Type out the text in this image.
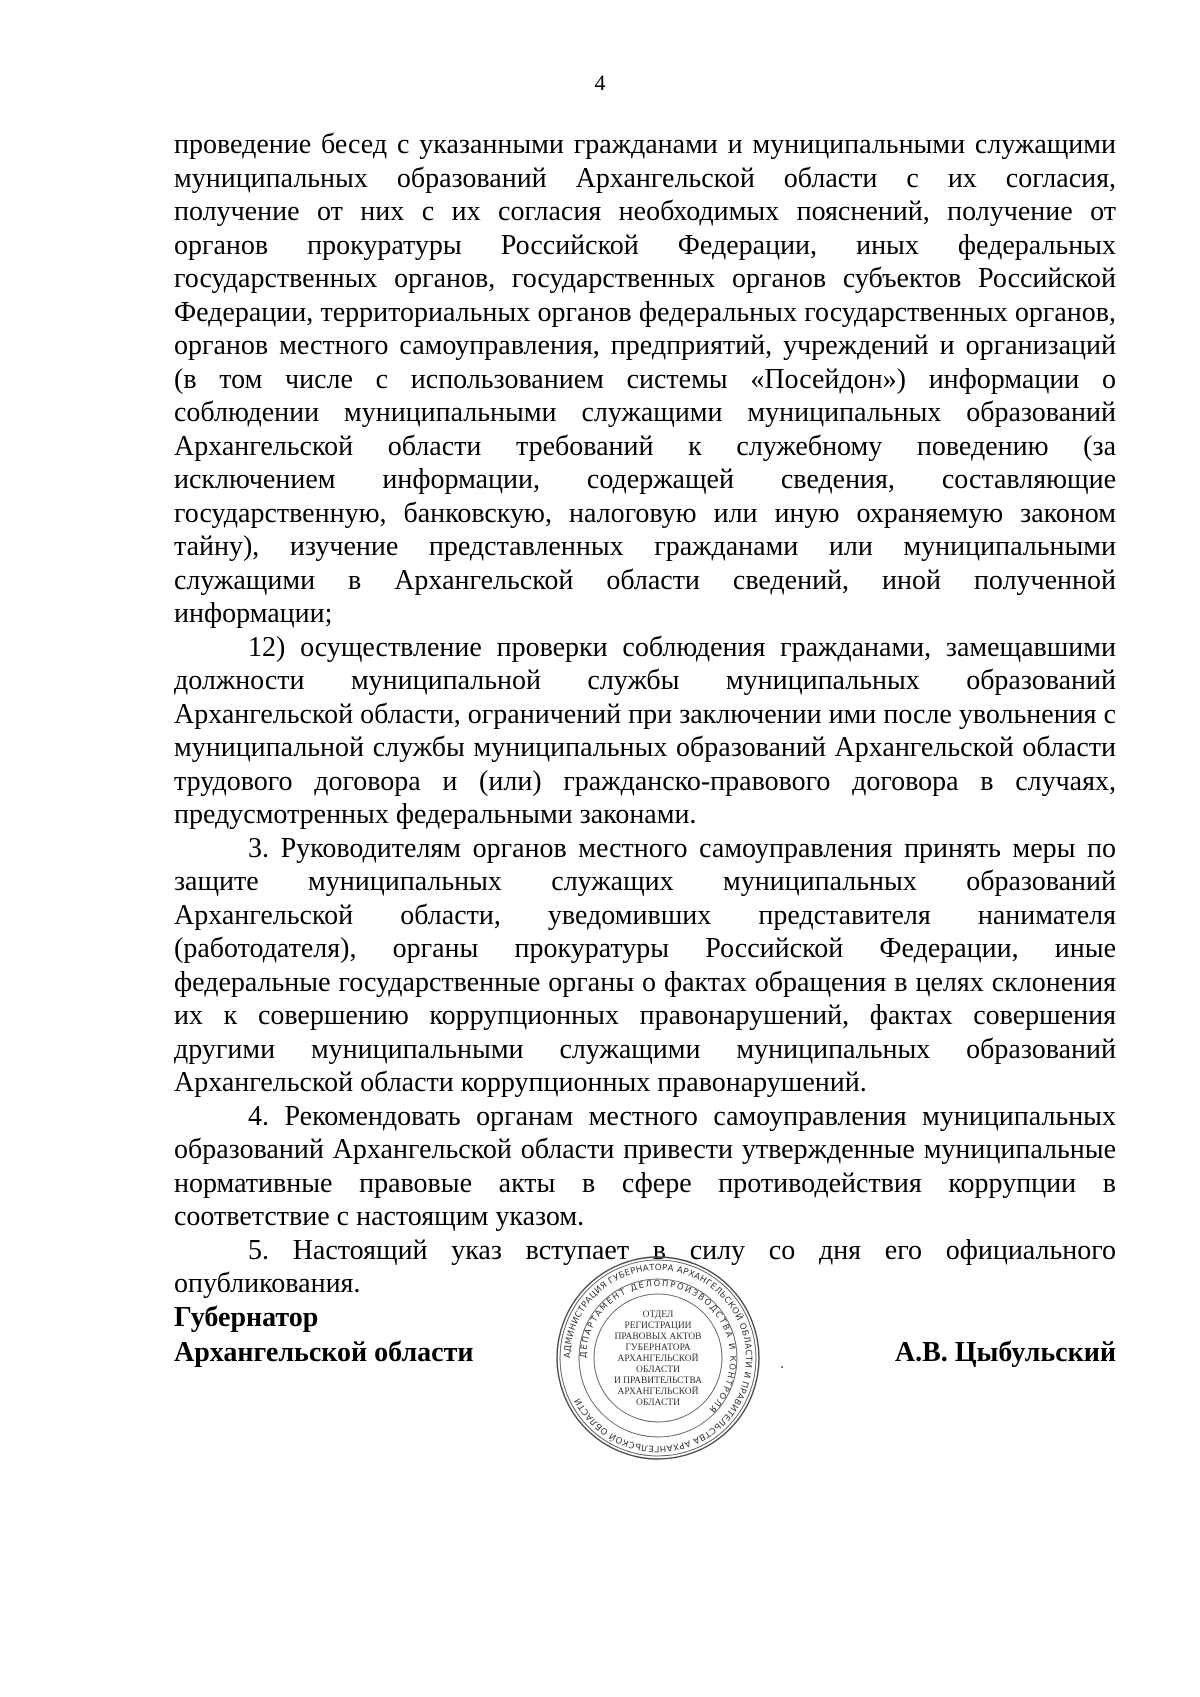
4

проведение бесед с указанными гражданами и муниципальными служащими муниципальных образований Архангельской области с их согласия, получение от них с их согласия необходимых пояснений, получение от органов прокуратуры Российской Федерации, иных федеральных государственных органов, государственных органов субъектов Российской Федерации, территориальных органов федеральных государственных органов, органов местного самоуправления, предприятий, учреждений и организаций (в том числе с использованием системы «Посейдон») информации о соблюдении муниципальными служащими муниципальных образований Архангельской области требований к служебному поведению (за исключением информации, содержащей сведения, составляющие государственную, банковскую, налоговую или иную охраняемую законом тайну), изучение представленных гражданами или муниципальными служащими в Архангельской области сведений, иной полученной информации;

12) осуществление проверки соблюдения гражданами, замещавшими должности муниципальной службы муниципальных образований Архангельской области, ограничений при заключении ими после увольнения с муниципальной службы муниципальных образований Архангельской области трудового договора и (или) гражданско-правового договора в случаях, предусмотренных федеральными законами.

3. Руководителям органов местного самоуправления принять меры по защите муниципальных служащих муниципальных образований Архангельской области, уведомивших представителя нанимателя (работодателя), органы прокуратуры Российской Федерации, иные федеральные государственные органы о фактах обращения в целях склонения их к совершению коррупционных правонарушений, фактах совершения другими муниципальными служащими муниципальных образований Архангельской области коррупционных правонарушений.

4. Рекомендовать органам местного самоуправления муниципальных образований Архангельской области привести утвержденные муниципальные нормативные правовые акты в сфере противодействия коррупции в соответствие с настоящим указом.

5. Настоящий указ вступает в силу со дня его официального опубликования.

Губернатор
Архангельской области	А.В. Цыбульский
АДМИНИСТРАЦИЯ ГУБЕРНАТОРА АРХАНГЕЛЬСКОЙ ОБЛАСТИ И ПРАВИТЕЛЬСТВА АРХАНГЕЛЬСКОЙ ОБЛАСТИ
ДЕПАРТАМЕНТ ДЕЛОПРОИЗВОДСТВА И КОНТРОЛЯ
ОТДЕЛ
РЕГИСТРАЦИИ
ПРАВОВЫХ АКТОВ
ГУБЕРНАТОРА
АРХАНГЕЛЬСКОЙ
ОБЛАСТИ
И ПРАВИТЕЛЬСТВА
АРХАНГЕЛЬСКОЙ
ОБЛАСТИ
